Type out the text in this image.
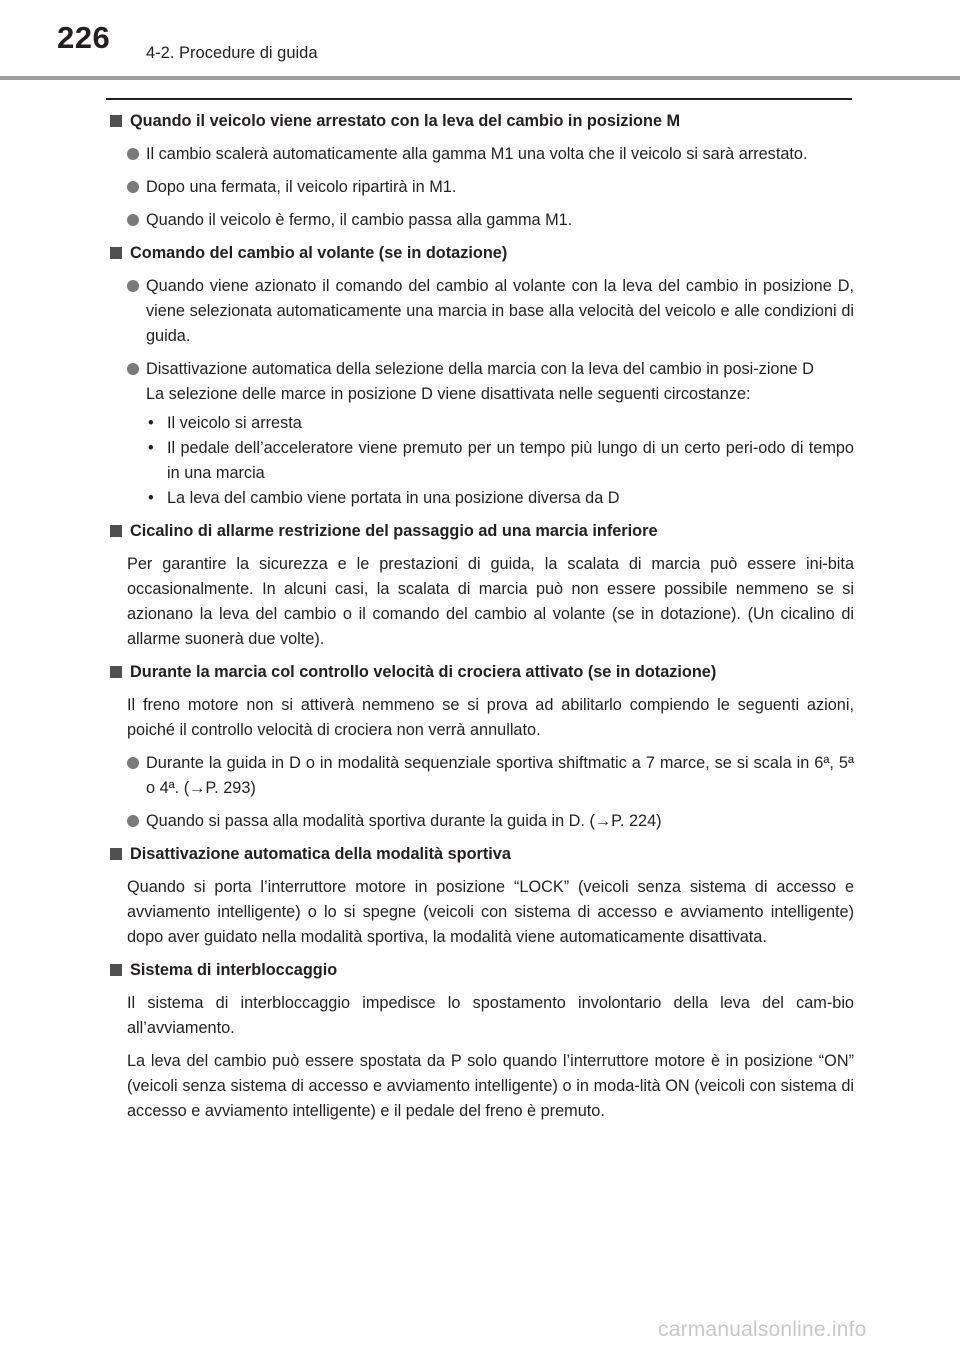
226 4-2. Procedure di guida
Quando il veicolo viene arrestato con la leva del cambio in posizione M
Il cambio scalerà automaticamente alla gamma M1 una volta che il veicolo si sarà arrestato.
Dopo una fermata, il veicolo ripartirà in M1.
Quando il veicolo è fermo, il cambio passa alla gamma M1.
Comando del cambio al volante (se in dotazione)
Quando viene azionato il comando del cambio al volante con la leva del cambio in posizione D, viene selezionata automaticamente una marcia in base alla velocità del veicolo e alle condizioni di guida.
Disattivazione automatica della selezione della marcia con la leva del cambio in posi-zione D
La selezione delle marce in posizione D viene disattivata nelle seguenti circostanze:
• Il veicolo si arresta
• Il pedale dell’acceleratore viene premuto per un tempo più lungo di un certo peri-odo di tempo in una marcia
• La leva del cambio viene portata in una posizione diversa da D
Cicalino di allarme restrizione del passaggio ad una marcia inferiore
Per garantire la sicurezza e le prestazioni di guida, la scalata di marcia può essere ini-bita occasionalmente. In alcuni casi, la scalata di marcia può non essere possibile nemmeno se si azionano la leva del cambio o il comando del cambio al volante (se in dotazione). (Un cicalino di allarme suonerà due volte).
Durante la marcia col controllo velocità di crociera attivato (se in dotazione)
Il freno motore non si attiverà nemmeno se si prova ad abilitarlo compiendo le seguenti azioni, poiché il controllo velocità di crociera non verrà annullato.
Durante la guida in D o in modalità sequenziale sportiva shiftmatic a 7 marce, se si scala in 6ª, 5ª o 4ª. (→P. 293)
Quando si passa alla modalità sportiva durante la guida in D. (→P. 224)
Disattivazione automatica della modalità sportiva
Quando si porta l’interruttore motore in posizione “LOCK” (veicoli senza sistema di accesso e avviamento intelligente) o lo si spegne (veicoli con sistema di accesso e avviamento intelligente) dopo aver guidato nella modalità sportiva, la modalità viene automaticamente disattivata.
Sistema di interbloccaggio
Il sistema di interbloccaggio impedisce lo spostamento involontario della leva del cam-bio all’avviamento.
La leva del cambio può essere spostata da P solo quando l’interruttore motore è in posizione “ON” (veicoli senza sistema di accesso e avviamento intelligente) o in moda-lità ON (veicoli con sistema di accesso e avviamento intelligente) e il pedale del freno è premuto.
carmanualsonline.info
